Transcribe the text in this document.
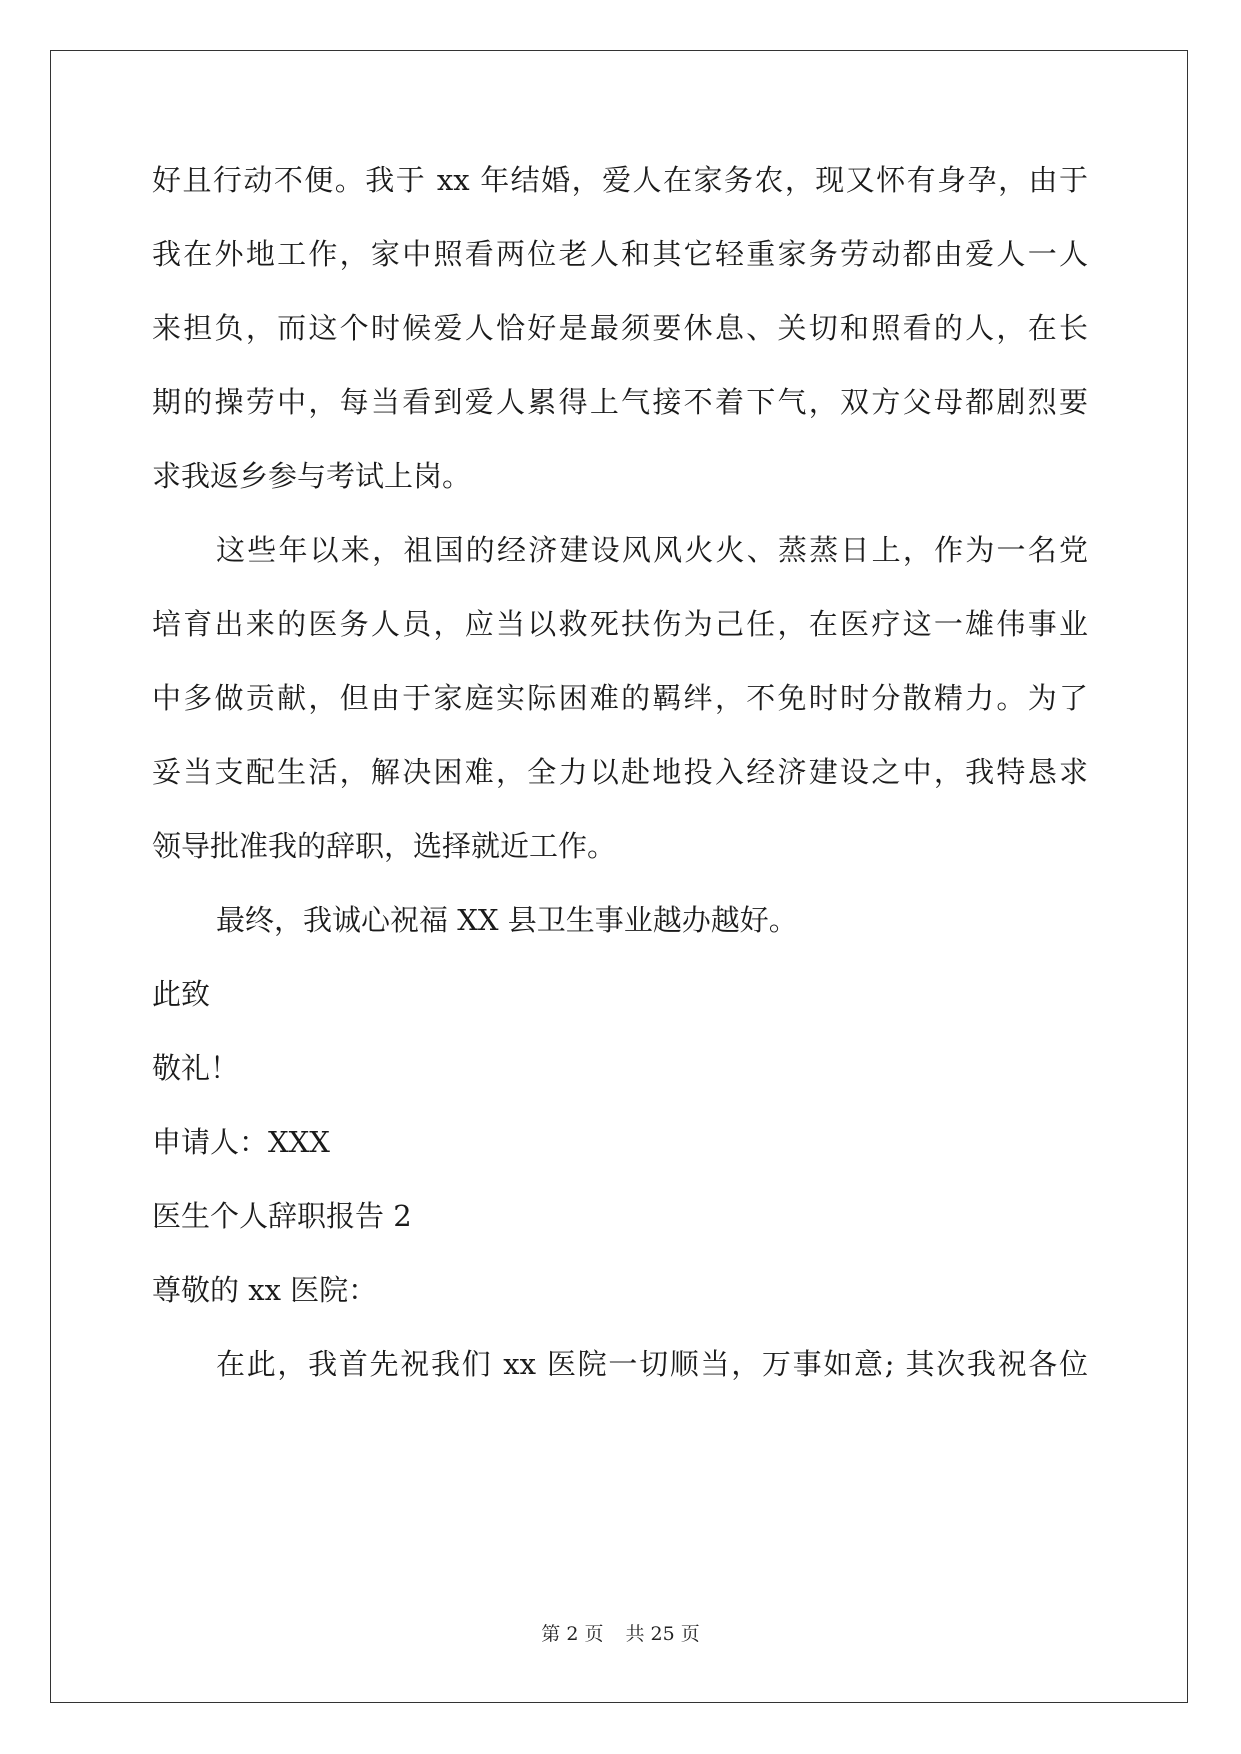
好且行动不便。我于 xx 年结婚，爱人在家务农，现又怀有身孕，由于
我在外地工作，家中照看两位老人和其它轻重家务劳动都由爱人一人
来担负，而这个时候爱人恰好是最须要休息、关切和照看的人，在长
期的操劳中，每当看到爱人累得上气接不着下气，双方父母都剧烈要
求我返乡参与考试上岗。
这些年以来，祖国的经济建设风风火火、蒸蒸日上，作为一名党
培育出来的医务人员，应当以救死扶伤为己任，在医疗这一雄伟事业
中多做贡献，但由于家庭实际困难的羁绊，不免时时分散精力。为了
妥当支配生活，解决困难，全力以赴地投入经济建设之中，我特恳求
领导批准我的辞职，选择就近工作。
最终，我诚心祝福 XX 县卫生事业越办越好。
此致
敬礼！
申请人：XXX
医生个人辞职报告 2
尊敬的 xx 医院：
在此，我首先祝我们 xx 医院一切顺当，万事如意; 其次我祝各位
第 2 页 共 25 页
